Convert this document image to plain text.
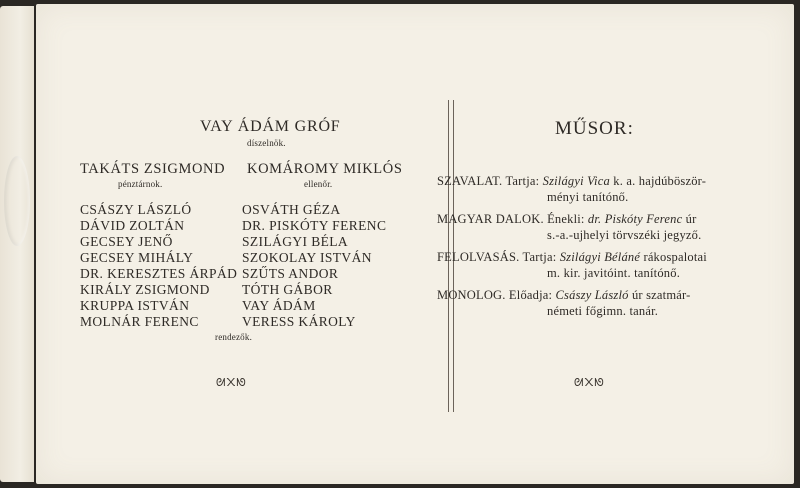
VAY ÁDÁM GRÓF
díszelnök.
TAKÁTS ZSIGMOND
pénztárnok.
KOMÁROMY MIKLÓS
ellenőr.
CSÁSZY LÁSZLÓ
DÁVID ZOLTÁN
GECSEY JENŐ
GECSEY MIHÁLY
DR. KERESZTES ÁRPÁD
KIRÁLY ZSIGMOND
KRUPPA ISTVÁN
MOLNÁR FERENC
OSVÁTH GÉZA
DR. PISKÓTY FERENC
SZILÁGYI BÉLA
SZOKOLAY ISTVÁN
SZŰTS ANDOR
TÓTH GÁBOR
VAY ÁDÁM
VERESS KÁROLY
rendezők.
ᘛ᙭ᘚ
MŰSOR:
SZAVALAT. Tartja: Szilágyi Vica k. a. hajdúböször-
ményi tanítónő.
MAGYAR DALOK. Énekli: dr. Piskóty Ferenc úr
s.-a.-ujhelyi törvszéki jegyző.
FELOLVASÁS. Tartja: Szilágyi Béláné rákospalotai
m. kir. javitóint. tanítónő.
MONOLOG. Előadja: Császy László úr szatmár-
németi főgimn. tanár.
ᘛ᙭ᘚ
